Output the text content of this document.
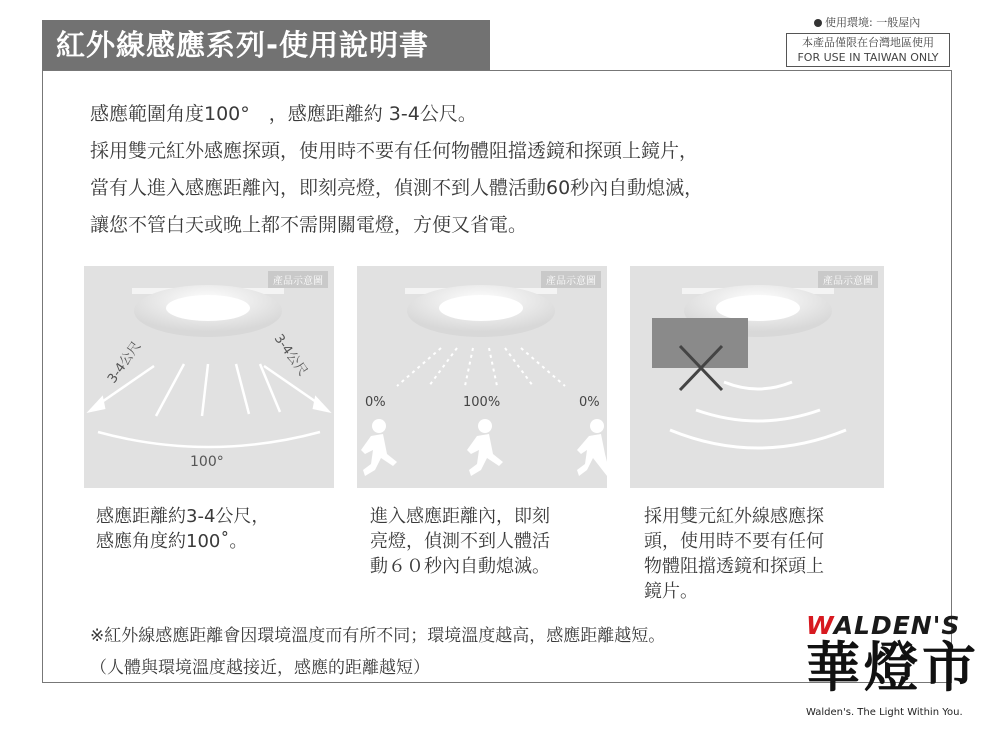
紅外線感應系列-使用說明書
使用環境: 一般屋內
本產品僅限在台灣地區使用
FOR USE IN TAIWAN ONLY
感應範圍角度100°　，感應距離約 3-4公尺。
採用雙元紅外感應探頭，使用時不要有任何物體阻擋透鏡和探頭上鏡片，
當有人進入感應距離內，即刻亮燈，偵測不到人體活動60秒內自動熄滅，
讓您不管白天或晚上都不需開關電燈，方便又省電。
3-4公尺	3-4公尺
100°
產品示意圖
0%	100%	0%
產品示意圖	產品示意圖
感應距離約3-4公尺，
感應角度約100˚。
進入感應距離內，即刻
亮燈，偵測不到人體活
動６０秒內自動熄滅。
採用雙元紅外線感應探
頭，使用時不要有任何
物體阻擋透鏡和探頭上
鏡片。
※紅外線感應距離會因環境溫度而有所不同；環境溫度越高，感應距離越短。
（人體與環境溫度越接近，感應的距離越短）
WALDEN'S
華燈市
Walden's. The Light Within You.
